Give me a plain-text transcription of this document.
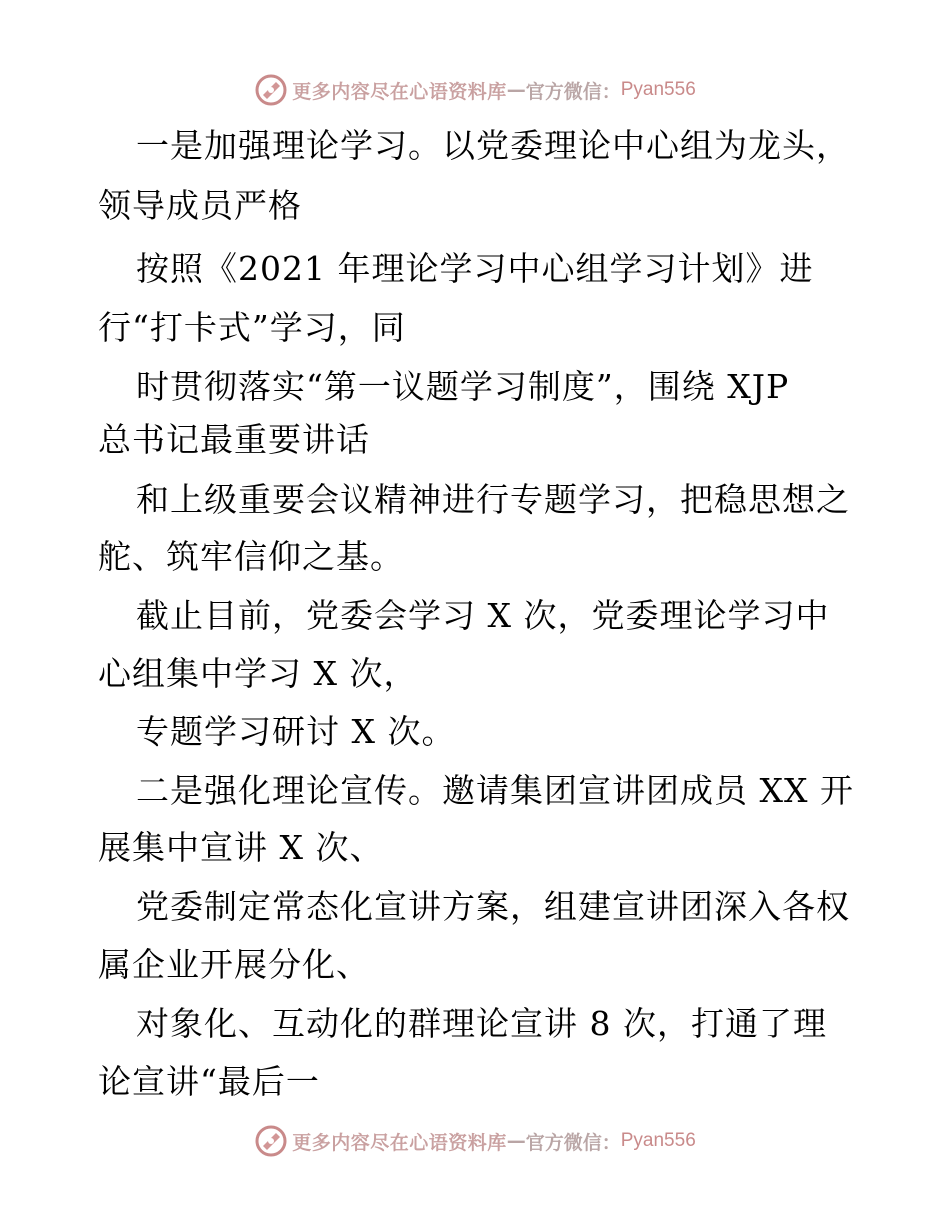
更多内容尽在心语资料库 — 官方微信： Pyan556
一是加强理论学习。以党委理论中心组为龙头，
领导成员严格
按照《2021 年理论学习中心组学习计划》进
行“打卡式”学习，同
时贯彻落实“第一议题学习制度”，围绕 XJP
总书记最重要讲话
和上级重要会议精神进行专题学习，把稳思想之
舵、筑牢信仰之基。
截止目前，党委会学习 X 次，党委理论学习中
心组集中学习 X 次，
专题学习研讨 X 次。
二是强化理论宣传。邀请集团宣讲团成员 XX 开
展集中宣讲 X 次、
党委制定常态化宣讲方案，组建宣讲团深入各权
属企业开展分化、
对象化、互动化的群理论宣讲 8 次，打通了理
论宣讲“最后一
更多内容尽在心语资料库 — 官方微信： Pyan556
